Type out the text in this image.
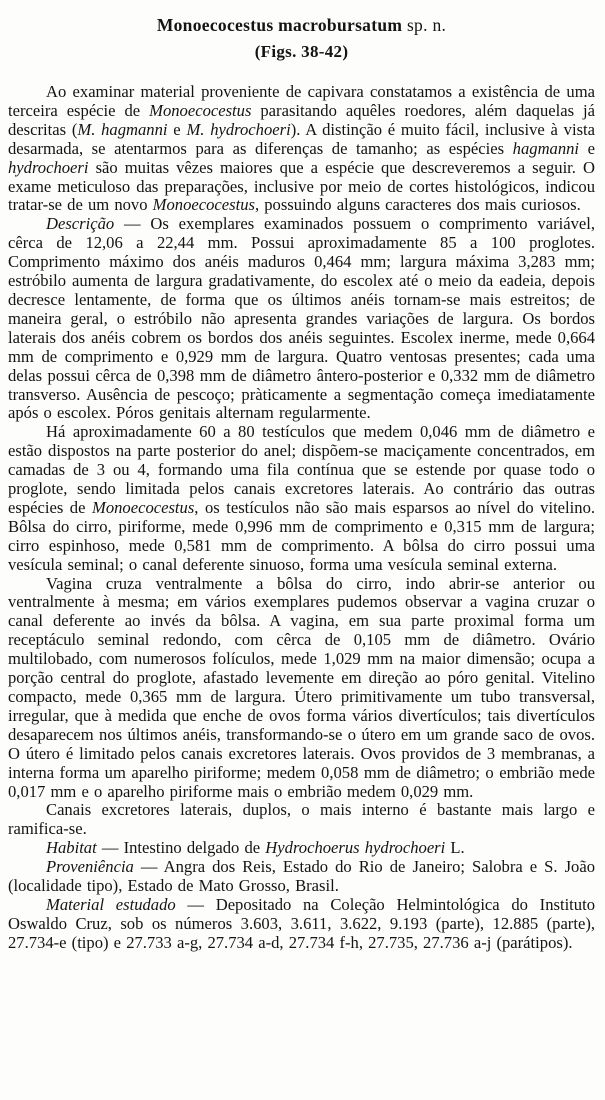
Monoecocestus macrobursatum sp. n.
(Figs. 38-42)

Ao examinar material proveniente de capivara constatamos a existência de uma terceira espécie de Monoecocestus parasitando aquêles roedores, além daquelas já descritas (M. hagmanni e M. hydrochoeri). A distinção é muito fácil, inclusive à vista desarmada, se atentarmos para as diferenças de tamanho; as espécies hagmanni e hydrochoeri são muitas vêzes maiores que a espécie que descreveremos a seguir. O exame meticuloso das preparações, inclusive por meio de cortes histológicos, indicou tratar-se de um novo Monoecocestus, possuindo alguns caracteres dos mais curiosos.

Descrição — Os exemplares examinados possuem o comprimento variável, cêrca de 12,06 a 22,44 mm. Possui aproximadamente 85 a 100 proglotes. Comprimento máximo dos anéis maduros 0,464 mm; largura máxima 3,283 mm; estróbilo aumenta de largura gradativamente, do escolex até o meio da eadeia, depois decresce lentamente, de forma que os últimos anéis tornam-se mais estreitos; de maneira geral, o estróbilo não apresenta grandes variações de largura. Os bordos laterais dos anéis cobrem os bordos dos anéis seguintes. Escolex inerme, mede 0,664 mm de comprimento e 0,929 mm de largura. Quatro ventosas presentes; cada uma delas possui cêrca de 0,398 mm de diâmetro ântero-posterior e 0,332 mm de diâmetro transverso. Ausência de pescoço; pràticamente a segmentação começa imediatamente após o escolex. Póros genitais alternam regularmente.

Há aproximadamente 60 a 80 testículos que medem 0,046 mm de diâmetro e estão dispostos na parte posterior do anel; dispõem-se maciçamente concentrados, em camadas de 3 ou 4, formando uma fila contínua que se estende por quase todo o proglote, sendo limitada pelos canais excretores laterais. Ao contrário das outras espécies de Monoecocestus, os testículos não são mais esparsos ao nível do vitelino. Bôlsa do cirro, piriforme, mede 0,996 mm de comprimento e 0,315 mm de largura; cirro espinhoso, mede 0,581 mm de comprimento. A bôlsa do cirro possui uma vesícula seminal; o canal deferente sinuoso, forma uma vesícula seminal externa.

Vagina cruza ventralmente a bôlsa do cirro, indo abrir-se anterior ou ventralmente à mesma; em vários exemplares pudemos observar a vagina cruzar o canal deferente ao invés da bôlsa. A vagina, em sua parte proximal forma um receptáculo seminal redondo, com cêrca de 0,105 mm de diâmetro. Ovário multilobado, com numerosos folículos, mede 1,029 mm na maior dimensão; ocupa a porção central do proglote, afastado levemente em direção ao póro genital. Vitelino compacto, mede 0,365 mm de largura. Útero primitivamente um tubo transversal, irregular, que à medida que enche de ovos forma vários divertículos; tais divertículos desaparecem nos últimos anéis, transformando-se o útero em um grande saco de ovos. O útero é limitado pelos canais excretores laterais. Ovos providos de 3 membranas, a interna forma um aparelho piriforme; medem 0,058 mm de diâmetro; o embrião mede 0,017 mm e o aparelho piriforme mais o embrião medem 0,029 mm.

Canais excretores laterais, duplos, o mais interno é bastante mais largo e ramifica-se.

Habitat — Intestino delgado de Hydrochoerus hydrochoeri L.

Proveniência — Angra dos Reis, Estado do Rio de Janeiro; Salobra e S. João (localidade tipo), Estado de Mato Grosso, Brasil.

Material estudado — Depositado na Coleção Helmintológica do Instituto Oswaldo Cruz, sob os números 3.603, 3.611, 3.622, 9.193 (parte), 12.885 (parte), 27.734-e (tipo) e 27.733 a-g, 27.734 a-d, 27.734 f-h, 27.735, 27.736 a-j (parátipos).
